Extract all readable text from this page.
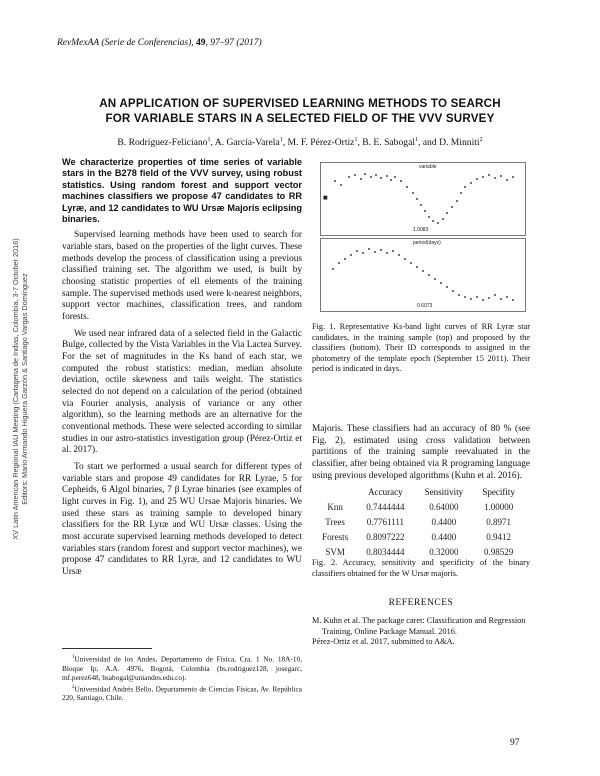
RevMexAA (Serie de Conferencias), 49, 97–97 (2017)
AN APPLICATION OF SUPERVISED LEARNING METHODS TO SEARCH
FOR VARIABLE STARS IN A SELECTED FIELD OF THE VVV SURVEY
B. Rodríguez-Feliciano$^1$, A. García-Varela$^1$, M. F. Pérez-Ortiz$^1$, B. E. Sabogal$^1$, and D. Minniti$^2$
XV Latin American Regional IAU Meeting (Cartagena de Indias, Colombia, 3-7 October 2016) Editors: Mario Armando Higuera Garzón & Santiago Vargas Domínguez

We characterize properties of time series of variable stars in the B278 field of the VVV survey, using robust statistics. Using random forest and support vector machines classifiers we propose 47 candidates to RR Lyræ, and 12 candidates to WU Ursæ Majoris eclipsing binaries.

Supervised learning methods have been used to search for variable stars, based on the properties of the light curves. These methods develop the process of classification using a previous classified training set. The algorithm we used, is built by choosing statistic properties of ell elements of the training sample. The supervised methods used were k-nearest neighbors, support vector machines, classification trees, and random forests.

We used near infrared data of a selected field in the Galactic Bulge, collected by the Vista Variables in the Via Lactea Survey. For the set of magnitudes in the Ks band of each star, we computed the robust statistics: median, median absolute deviation, octile skewness and tails weight. The statistics selected do not depend on a calculation of the period (obtained via Fourier analysis, analysis of variance or any other algorithm), so the learning methods are an alternative for the conventional methods. These were selected according to similar studies in our astro-statistics investigation group (Pérez-Ortiz et al. 2017).

To start we performed a usual search for different types of variable stars and propose 49 candidates for RR Lyrae, 5 for Cepheids, 6 Algol binaries, 7 β Lyrae binaries (see examples of light curves in Fig. 1), and 25 WU Ursae Majoris binaries. We used these stars as training sample to developed binary classifiers for the RR Lyræ and WU Ursæ classes. Using the most accurate supervised learning methods developed to detect variables stars (random forest and support vector machines), we propose 47 candidates to RR Lyræ, and 12 candidates to WU Ursæ

$^1$Universidad de los Andes, Departamento de Física, Cra. 1 No. 18A-10, Bloque Ip, A.A. 4976, Bogotá, Colombia (bs.rodriguez128, josegarc, mf.perez648, bsabogal@uniandes.edu.co).

$^2$Universidad Andrés Bello, Departamento de Ciencias Físicas, Av. República 220, Santiago, Chile.

variable
■
1.0083
period(days)
0.6073
Fig. 1. Representative Ks-band light curves of RR Lyræ star candidates, in the training sample (top) and proposed by the classifiers (bottom). Their ID corresponds to assigned in the photometry of the template epoch (September 15 2011). Their period is indicated in days.
Majoris. These classifiers had an accuracy of 80 % (see Fig. 2), estimated using cross validation between partitions of the training sample reevaluated in the classifier, after being obtained via R programing language using previous developed algorithms (Kuhn et al. 2016).
	Accuracy	Sensitivity	Specifity
Knn	0.7444444	0.64000	1.00000
Trees	0.7761111	0.4400	0.8971
Forests	0.8097222	0.4400	0.9412
SVM	0.8034444	0.32000	0.98529
Fig. 2. Accuracy, sensitivity and specificity of the binary classifiers obtained for the W Ursæ majoris.
REFERENCES

M. Kuhn et al. The package caret: Classification and Regression Training, Online Package Manual. 2016.

Pérez-Ortiz et al. 2017, submitted to A&A.

97
